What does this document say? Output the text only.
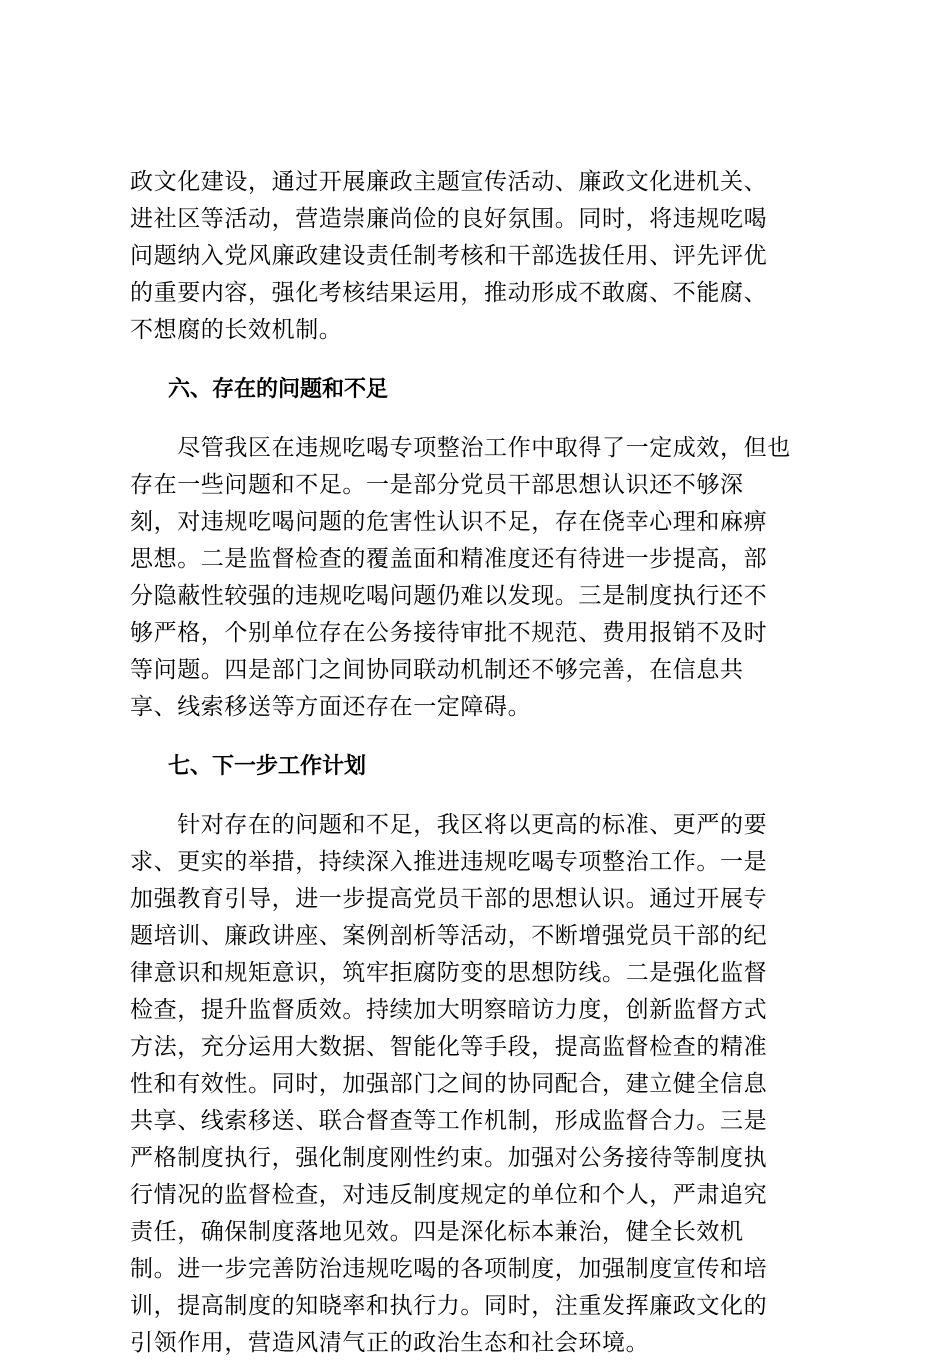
政文化建设，通过开展廉政主题宣传活动、廉政文化进机关、
进社区等活动，营造崇廉尚俭的良好氛围。同时，将违规吃喝
问题纳入党风廉政建设责任制考核和干部选拔任用、评先评优
的重要内容，强化考核结果运用，推动形成不敢腐、不能腐、
不想腐的长效机制。
六、存在的问题和不足
　　尽管我区在违规吃喝专项整治工作中取得了一定成效，但也
存在一些问题和不足。一是部分党员干部思想认识还不够深
刻，对违规吃喝问题的危害性认识不足，存在侥幸心理和麻痹
思想。二是监督检查的覆盖面和精准度还有待进一步提高，部
分隐蔽性较强的违规吃喝问题仍难以发现。三是制度执行还不
够严格，个别单位存在公务接待审批不规范、费用报销不及时
等问题。四是部门之间协同联动机制还不够完善，在信息共
享、线索移送等方面还存在一定障碍。
七、下一步工作计划
　　针对存在的问题和不足，我区将以更高的标准、更严的要
求、更实的举措，持续深入推进违规吃喝专项整治工作。一是
加强教育引导，进一步提高党员干部的思想认识。通过开展专
题培训、廉政讲座、案例剖析等活动，不断增强党员干部的纪
律意识和规矩意识，筑牢拒腐防变的思想防线。二是强化监督
检查，提升监督质效。持续加大明察暗访力度，创新监督方式
方法，充分运用大数据、智能化等手段，提高监督检查的精准
性和有效性。同时，加强部门之间的协同配合，建立健全信息
共享、线索移送、联合督查等工作机制，形成监督合力。三是
严格制度执行，强化制度刚性约束。加强对公务接待等制度执
行情况的监督检查，对违反制度规定的单位和个人，严肃追究
责任，确保制度落地见效。四是深化标本兼治，健全长效机
制。进一步完善防治违规吃喝的各项制度，加强制度宣传和培
训，提高制度的知晓率和执行力。同时，注重发挥廉政文化的
引领作用，营造风清气正的政治生态和社会环境。
